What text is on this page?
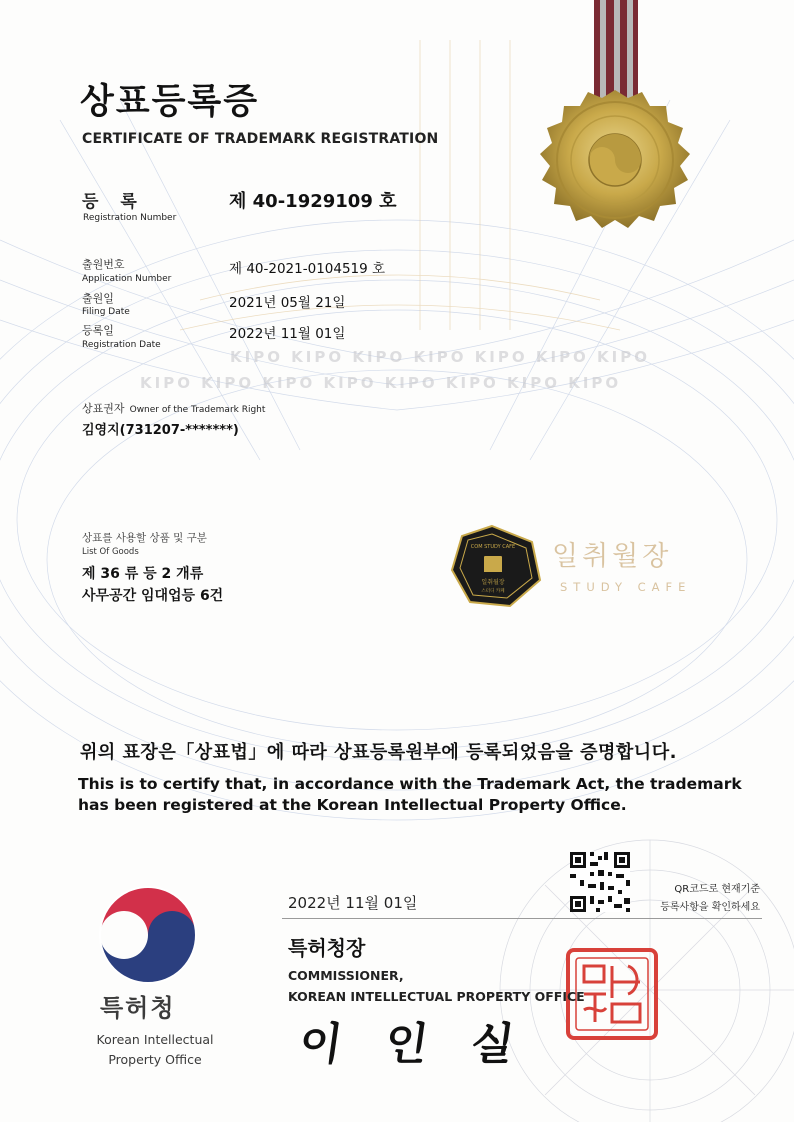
KIPO KIPO KIPO KIPO KIPO KIPO KIPO
KIPO KIPO KIPO KIPO KIPO KIPO KIPO KIPO
COM STUDY CAFE
일취월장
스터디 카페
상표등록증
CERTIFICATE OF TRADEMARK REGISTRATION
등 록
Registration Number
제 40-1929109 호
출원번호
Application Number
제 40-2021-0104519 호
출원일
Filing Date
2021년 05월 21일
등록일
Registration Date
2022년 11월 01일
상표권자 Owner of the Trademark Right
김영지(731207-*******)
상표를 사용할 상품 및 구분
List Of Goods
제 36 류 등 2 개류
사무공간 임대업등 6건
일취월장
STUDY CAFE
위의 표장은「상표법」에 따라 상표등록원부에 등록되었음을 증명합니다.
This is to certify that, in accordance with the Trademark Act, the trademark
has been registered at the Korean Intellectual Property Office.
QR코드로 현재기준
등록사항을 확인하세요
2022년 11월 01일
특허청장
COMMISSIONER,
KOREAN INTELLECTUAL PROPERTY OFFICE
이 인 실
특허청
Korean Intellectual Property Office
